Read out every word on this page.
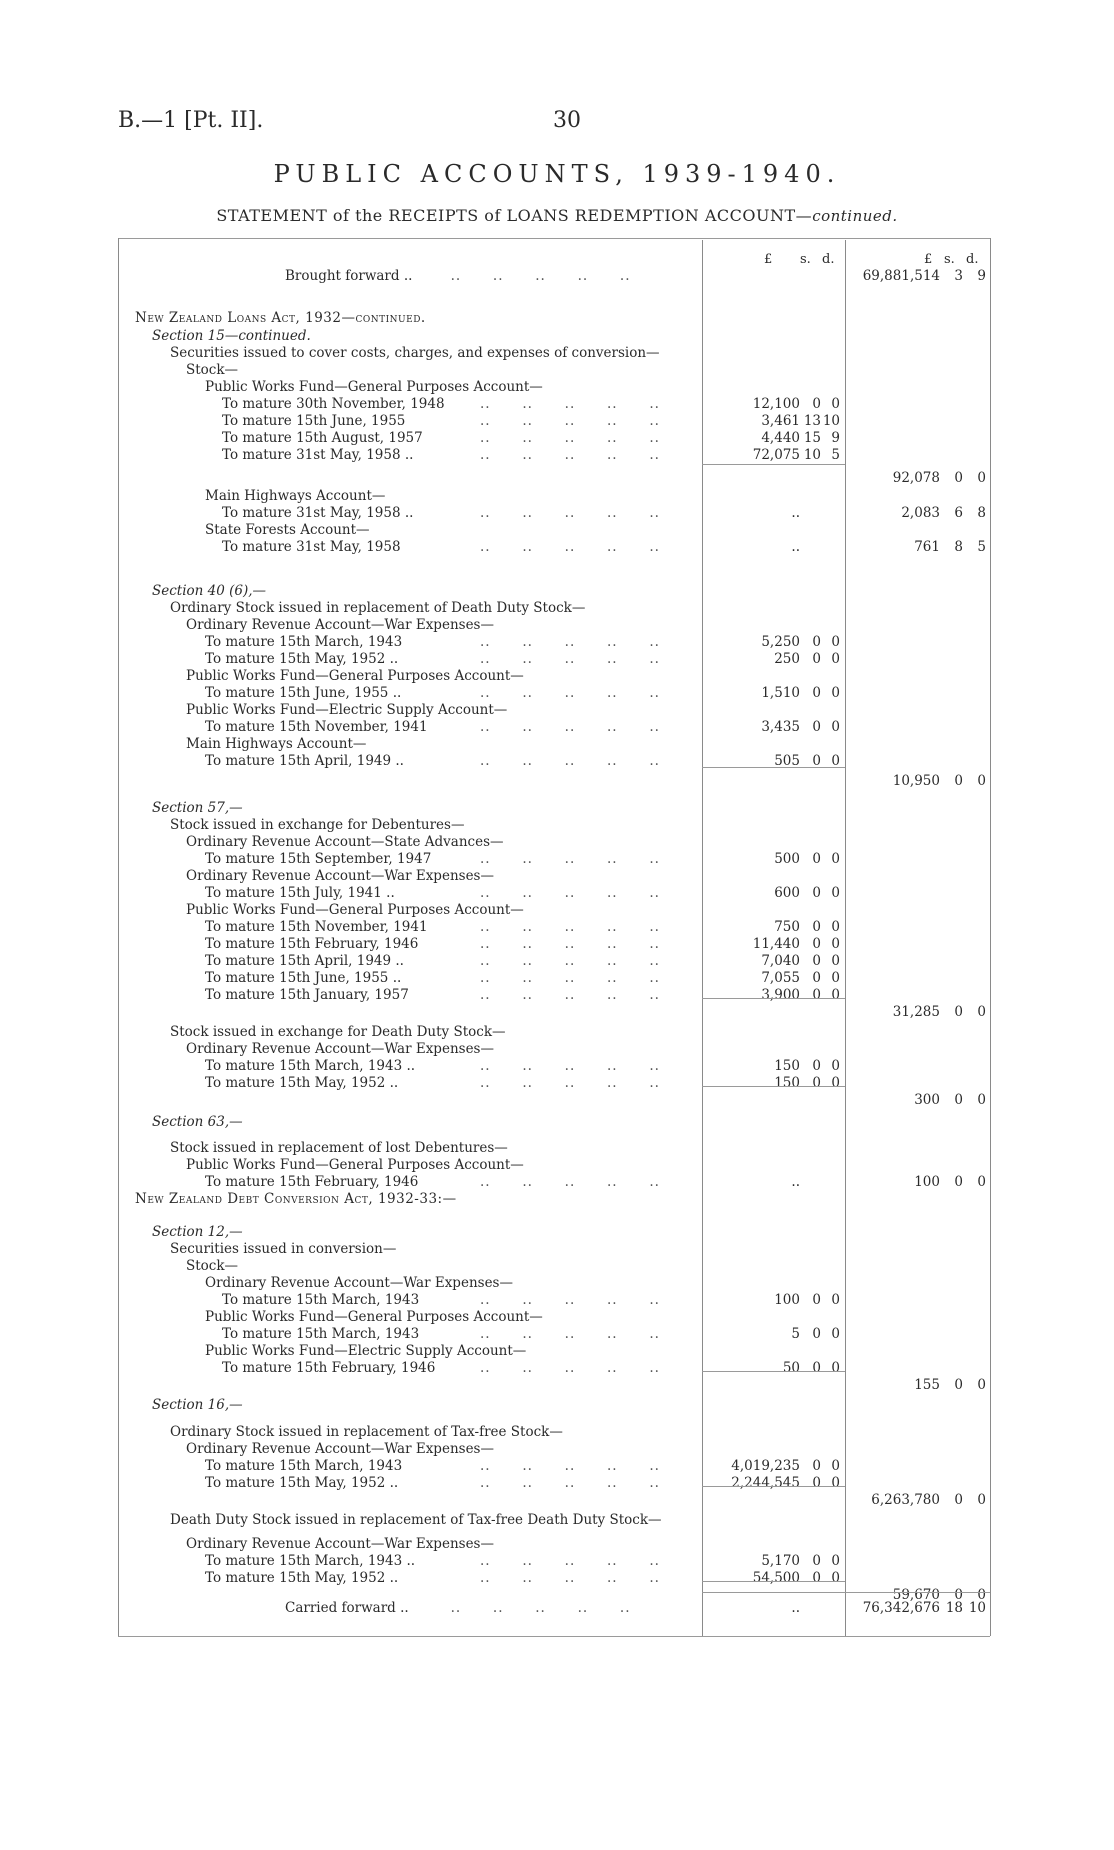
B.—1 [Pt. II].	30
PUBLIC ACCOUNTS, 1939-1940.
STATEMENT of the RECEIPTS of LOANS REDEMPTION ACCOUNT—continued.
£ s. d.	£ s. d.
Brought forward .. ..      ..      ..      ..      ..	69,881,514	3	9
New Zealand Loans Act, 1932—continued.
Section 15—continued.
Securities issued to cover costs, charges, and expenses of conversion—
Stock—
Public Works Fund—General Purposes Account—
To mature 30th November, 1948	..      ..      ..      ..      ..	12,100 0 0
To mature 15th June, 1955	..      ..      ..      ..      ..	3,461 13 10
To mature 15th August, 1957	..      ..      ..      ..      ..	4,440 15 9
To mature 31st May, 1958 ..	..      ..      ..      ..      ..	72,075 10 5
92,078	0	0
Main Highways Account—
To mature 31st May, 1958 ..	..      ..      ..      ..      ..	..	2,083	6	8
State Forests Account—
To mature 31st May, 1958	..      ..      ..      ..      ..	..	761	8	5
Section 40 (6),—
Ordinary Stock issued in replacement of Death Duty Stock—
Ordinary Revenue Account—War Expenses—
To mature 15th March, 1943	..      ..      ..      ..      ..	5,250 0 0
To mature 15th May, 1952 ..	..      ..      ..      ..      ..	250 0 0
Public Works Fund—General Purposes Account—
To mature 15th June, 1955 ..	..      ..      ..      ..      ..	1,510 0 0
Public Works Fund—Electric Supply Account—
To mature 15th November, 1941	..      ..      ..      ..      ..	3,435 0 0
Main Highways Account—
To mature 15th April, 1949 ..	..      ..      ..      ..      ..	505 0 0
10,950	0	0
Section 57,—
Stock issued in exchange for Debentures—
Ordinary Revenue Account—State Advances—
To mature 15th September, 1947	..      ..      ..      ..      ..	500 0 0
Ordinary Revenue Account—War Expenses—
To mature 15th July, 1941 ..	..      ..      ..      ..      ..	600 0 0
Public Works Fund—General Purposes Account—
To mature 15th November, 1941	..      ..      ..      ..      ..	750 0 0
To mature 15th February, 1946	..      ..      ..      ..      ..	11,440 0 0
To mature 15th April, 1949 ..	..      ..      ..      ..      ..	7,040 0 0
To mature 15th June, 1955 ..	..      ..      ..      ..      ..	7,055 0 0
To mature 15th January, 1957	..      ..      ..      ..      ..	3,900 0 0
31,285	0	0
Stock issued in exchange for Death Duty Stock—
Ordinary Revenue Account—War Expenses—
To mature 15th March, 1943 ..	..      ..      ..      ..      ..	150 0 0
To mature 15th May, 1952 ..	..      ..      ..      ..      ..	150 0 0
300	0	0
Section 63,—
Stock issued in replacement of lost Debentures—
Public Works Fund—General Purposes Account—
To mature 15th February, 1946	..      ..      ..      ..      ..	..	100	0	0
New Zealand Debt Conversion Act, 1932-33:—
Section 12,—
Securities issued in conversion—
Stock—
Ordinary Revenue Account—War Expenses—
To mature 15th March, 1943	..      ..      ..      ..      ..	100 0 0
Public Works Fund—General Purposes Account—
To mature 15th March, 1943	..      ..      ..      ..      ..	5 0 0
Public Works Fund—Electric Supply Account—
To mature 15th February, 1946	..      ..      ..      ..      ..	50 0 0
155	0	0
Section 16,—
Ordinary Stock issued in replacement of Tax-free Stock—
Ordinary Revenue Account—War Expenses—
To mature 15th March, 1943	..      ..      ..      ..      ..	4,019,235 0 0
To mature 15th May, 1952 ..	..      ..      ..      ..      ..	2,244,545 0 0
6,263,780	0	0
Death Duty Stock issued in replacement of Tax-free Death Duty Stock—
Ordinary Revenue Account—War Expenses—
To mature 15th March, 1943 ..	..      ..      ..      ..      ..	5,170 0 0
To mature 15th May, 1952 ..	..      ..      ..      ..      ..	54,500 0 0
59,670	0	0
Carried forward .. ..      ..      ..      ..      ..	..	76,342,676 18 10
